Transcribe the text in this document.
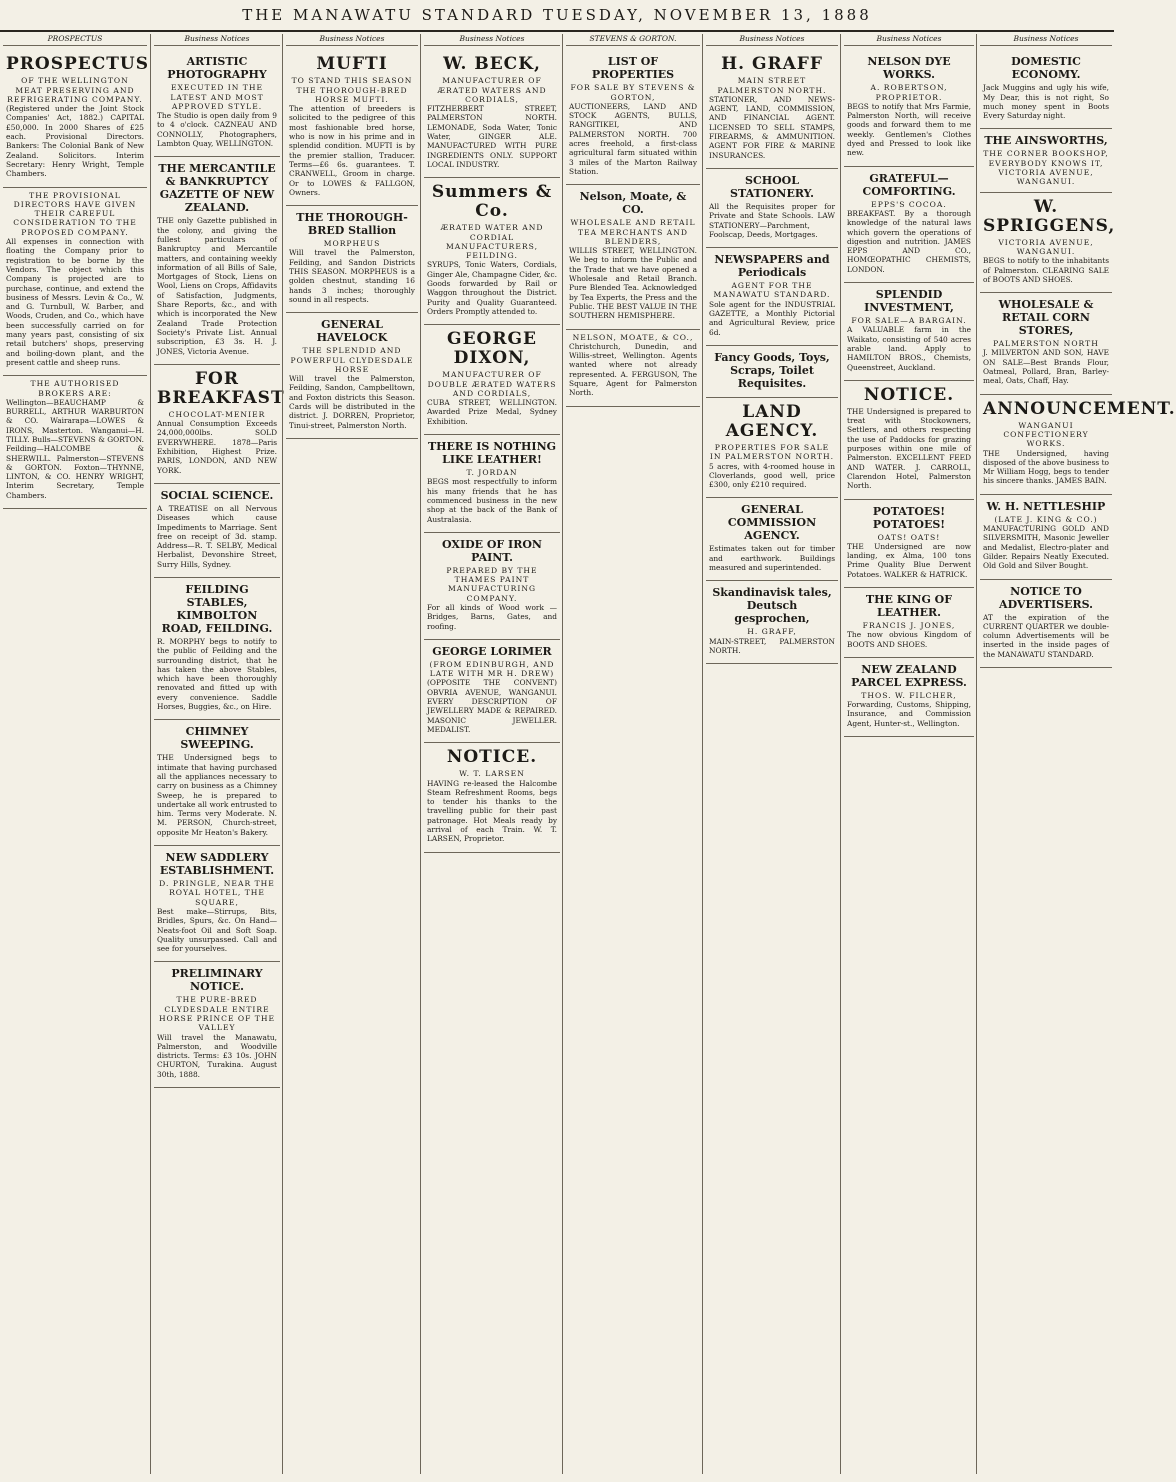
THE MANAWATU STANDARD TUESDAY, NOVEMBER 13, 1888
PROSPECTUS
PROSPECTUS
OF THE WELLINGTON MEAT PRESERVING AND REFRIGERATING COMPANY.

(Registered under the Joint Stock Companies' Act, 1882.) CAPITAL £50,000. In 2000 Shares of £25 each. Provisional Directors. Bankers: The Colonial Bank of New Zealand. Solicitors. Interim Secretary: Henry Wright, Temple Chambers.

THE PROVISIONAL DIRECTORS HAVE GIVEN THEIR CAREFUL CONSIDERATION TO THE PROPOSED COMPANY.

All expenses in connection with floating the Company prior to registration to be borne by the Vendors. The object which this Company is projected are to purchase, continue, and extend the business of Messrs. Levin & Co., W. and G. Turnbull, W. Barber, and Woods, Cruden, and Co., which have been successfully carried on for many years past, consisting of six retail butchers' shops, preserving and boiling-down plant, and the present cattle and sheep runs.

THE AUTHORISED BROKERS ARE:

Wellington—BEAUCHAMP & BURRELL, ARTHUR WARBURTON & CO. Wairarapa—LOWES & IRONS, Masterton. Wanganui—H. TILLY. Bulls—STEVENS & GORTON. Feilding—HALCOMBE & SHERWILL. Palmerston—STEVENS & GORTON. Foxton—THYNNE, LINTON, & CO. HENRY WRIGHT, Interim Secretary, Temple Chambers.

Business Notices
ARTISTIC PHOTOGRAPHY
EXECUTED IN THE LATEST AND MOST APPROVED STYLE.

The Studio is open daily from 9 to 4 o'clock. CAZNEAU AND CONNOLLY, Photographers, Lambton Quay, WELLINGTON.

THE MERCANTILE & BANKRUPTCY GAZETTE OF NEW ZEALAND.

THE only Gazette published in the colony, and giving the fullest particulars of Bankruptcy and Mercantile matters, and containing weekly information of all Bills of Sale, Mortgages of Stock, Liens on Wool, Liens on Crops, Affidavits of Satisfaction, Judgments, Share Reports, &c., and with which is incorporated the New Zealand Trade Protection Society's Private List. Annual subscription, £3 3s. H. J. JONES, Victoria Avenue.

FOR BREAKFAST
CHOCOLAT-MENIER

Annual Consumption Exceeds 24,000,000lbs. SOLD EVERYWHERE. 1878—Paris Exhibition, Highest Prize. PARIS, LONDON, AND NEW YORK.

SOCIAL SCIENCE.

A TREATISE on all Nervous Diseases which cause Impediments to Marriage. Sent free on receipt of 3d. stamp. Address—R. T. SELBY, Medical Herbalist, Devonshire Street, Surry Hills, Sydney.

FEILDING STABLES, KIMBOLTON ROAD, FEILDING.

R. MORPHY begs to notify to the public of Feilding and the surrounding district, that he has taken the above Stables, which have been thoroughly renovated and fitted up with every convenience. Saddle Horses, Buggies, &c., on Hire.

CHIMNEY SWEEPING.

THE Undersigned begs to intimate that having purchased all the appliances necessary to carry on business as a Chimney Sweep, he is prepared to undertake all work entrusted to him. Terms very Moderate. N. M. PERSON, Church-street, opposite Mr Heaton's Bakery.

NEW SADDLERY ESTABLISHMENT.
D. PRINGLE, NEAR THE ROYAL HOTEL, THE SQUARE,

Best make—Stirrups, Bits, Bridles, Spurs, &c. On Hand—Neats-foot Oil and Soft Soap. Quality unsurpassed. Call and see for yourselves.

PRELIMINARY NOTICE.
THE PURE-BRED CLYDESDALE ENTIRE HORSE PRINCE OF THE VALLEY

Will travel the Manawatu, Palmerston, and Woodville districts. Terms: £3 10s. JOHN CHURTON, Turakina. August 30th, 1888.

Business Notices
MUFTI
TO STAND THIS SEASON THE THOROUGH-BRED HORSE MUFTI.

The attention of breeders is solicited to the pedigree of this most fashionable bred horse, who is now in his prime and in splendid condition. MUFTI is by the premier stallion, Traducer. Terms—£6 6s. guarantees. T. CRANWELL, Groom in charge. Or to LOWES & FALLGON, Owners.

THE THOROUGH-BRED Stallion
MORPHEUS

Will travel the Palmerston, Feilding, and Sandon Districts THIS SEASON. MORPHEUS is a golden chestnut, standing 16 hands 3 inches; thoroughly sound in all respects.

GENERAL HAVELOCK
THE SPLENDID AND POWERFUL CLYDESDALE HORSE

Will travel the Palmerston, Feilding, Sandon, Campbelltown, and Foxton districts this Season. Cards will be distributed in the district. J. DORREN, Proprietor, Tinui-street, Palmerston North.

Business Notices
W. BECK,
MANUFACTURER OF ÆRATED WATERS AND CORDIALS,

FITZHERBERT STREET, PALMERSTON NORTH. LEMONADE, Soda Water, Tonic Water, GINGER ALE. MANUFACTURED WITH PURE INGREDIENTS ONLY. SUPPORT LOCAL INDUSTRY.

Summers & Co.
ÆRATED WATER AND CORDIAL MANUFACTURERS, FEILDING.

SYRUPS, Tonic Waters, Cordials, Ginger Ale, Champagne Cider, &c. Goods forwarded by Rail or Waggon throughout the District. Purity and Quality Guaranteed. Orders Promptly attended to.

GEORGE DIXON,
MANUFACTURER OF DOUBLE ÆRATED WATERS AND CORDIALS,

CUBA STREET, WELLINGTON. Awarded Prize Medal, Sydney Exhibition.

THERE IS NOTHING LIKE LEATHER!
T. JORDAN

BEGS most respectfully to inform his many friends that he has commenced business in the new shop at the back of the Bank of Australasia.

OXIDE OF IRON PAINT.
PREPARED BY THE THAMES PAINT MANUFACTURING COMPANY.

For all kinds of Wood work — Bridges, Barns, Gates, and roofing.

GEORGE LORIMER
(FROM EDINBURGH, AND LATE WITH MR H. DREW)

(OPPOSITE THE CONVENT) OBVRIA AVENUE, WANGANUI. EVERY DESCRIPTION OF JEWELLERY MADE & REPAIRED. MASONIC JEWELLER. MEDALIST.

NOTICE.
W. T. LARSEN

HAVING re-leased the Halcombe Steam Refreshment Rooms, begs to tender his thanks to the travelling public for their past patronage. Hot Meals ready by arrival of each Train. W. T. LARSEN, Proprietor.

STEVENS & GORTON.
LIST OF PROPERTIES
FOR SALE BY STEVENS & GORTON,

AUCTIONEERS, LAND AND STOCK AGENTS, BULLS, RANGITIKEI, AND PALMERSTON NORTH. 700 acres freehold, a first-class agricultural farm situated within 3 miles of the Marton Railway Station.

Nelson, Moate, & CO.
WHOLESALE AND RETAIL TEA MERCHANTS AND BLENDERS,

WILLIS STREET, WELLINGTON. We beg to inform the Public and the Trade that we have opened a Wholesale and Retail Branch. Pure Blended Tea. Acknowledged by Tea Experts, the Press and the Public. THE BEST VALUE IN THE SOUTHERN HEMISPHERE.

NELSON, MOATE, & CO.,

Christchurch, Dunedin, and Willis-street, Wellington. Agents wanted where not already represented. A. FERGUSON, The Square, Agent for Palmerston North.

Business Notices
H. GRAFF
MAIN STREET PALMERSTON NORTH.

STATIONER, AND NEWS-AGENT, LAND, COMMISSION, AND FINANCIAL AGENT. LICENSED TO SELL STAMPS, FIREARMS, & AMMUNITION. AGENT FOR FIRE & MARINE INSURANCES.

SCHOOL STATIONERY.

All the Requisites proper for Private and State Schools. LAW STATIONERY—Parchment, Foolscap, Deeds, Mortgages.

NEWSPAPERS and Periodicals
AGENT FOR THE MANAWATU STANDARD.

Sole agent for the INDUSTRIAL GAZETTE, a Monthly Pictorial and Agricultural Review, price 6d.

Fancy Goods, Toys, Scraps, Toilet Requisites.
LAND AGENCY.
PROPERTIES FOR SALE IN PALMERSTON NORTH.

5 acres, with 4-roomed house in Cloverlands, good well, price £300, only £210 required.

GENERAL COMMISSION AGENCY.

Estimates taken out for timber and earthwork. Buildings measured and superintended.

Skandinavisk tales, Deutsch gesprochen,
H. GRAFF,

MAIN-STREET, PALMERSTON NORTH.

Business Notices
NELSON DYE WORKS.
A. ROBERTSON, PROPRIETOR.

BEGS to notify that Mrs Farmie, Palmerston North, will receive goods and forward them to me weekly. Gentlemen's Clothes dyed and Pressed to look like new.

GRATEFUL—COMFORTING.
EPPS'S COCOA.

BREAKFAST. By a thorough knowledge of the natural laws which govern the operations of digestion and nutrition. JAMES EPPS AND CO., HOMŒOPATHIC CHEMISTS, LONDON.

SPLENDID INVESTMENT,
FOR SALE—A BARGAIN.

A VALUABLE farm in the Waikato, consisting of 540 acres arable land. Apply to HAMILTON BROS., Chemists, Queenstreet, Auckland.

NOTICE.

THE Undersigned is prepared to treat with Stockowners, Settlers, and others respecting the use of Paddocks for grazing purposes within one mile of Palmerston. EXCELLENT FEED AND WATER. J. CARROLL, Clarendon Hotel, Palmerston North.

POTATOES! POTATOES!
OATS! OATS!

THE Undersigned are now landing, ex Alma, 100 tons Prime Quality Blue Derwent Potatoes. WALKER & HATRICK.

THE KING OF LEATHER.
FRANCIS J. JONES,

The now obvious Kingdom of BOOTS AND SHOES.

NEW ZEALAND PARCEL EXPRESS.
THOS. W. FILCHER,

Forwarding, Customs, Shipping, Insurance, and Commission Agent, Hunter-st., Wellington.

Business Notices
DOMESTIC ECONOMY.

Jack Muggins and ugly his wife, My Dear, this is not right, So much money spent in Boots Every Saturday night.

THE AINSWORTHS,
THE CORNER BOOKSHOP, EVERYBODY KNOWS IT, VICTORIA AVENUE, WANGANUI.
W. SPRIGGENS,
VICTORIA AVENUE, WANGANUI.

BEGS to notify to the inhabitants of Palmerston. CLEARING SALE of BOOTS AND SHOES.

WHOLESALE & RETAIL CORN STORES,
PALMERSTON NORTH

J. MILVERTON AND SON, HAVE ON SALE—Best Brands Flour, Oatmeal, Pollard, Bran, Barley-meal, Oats, Chaff, Hay.

ANNOUNCEMENT.
WANGANUI CONFECTIONERY WORKS.

THE Undersigned, having disposed of the above business to Mr William Hogg, begs to tender his sincere thanks. JAMES BAIN.

W. H. NETTLESHIP
(LATE J. KING & CO.)

MANUFACTURING GOLD AND SILVERSMITH, Masonic Jeweller and Medalist, Electro-plater and Gilder. Repairs Neatly Executed. Old Gold and Silver Bought.

NOTICE TO ADVERTISERS.

AT the expiration of the CURRENT QUARTER we double-column Advertisements will be inserted in the inside pages of the MANAWATU STANDARD.
